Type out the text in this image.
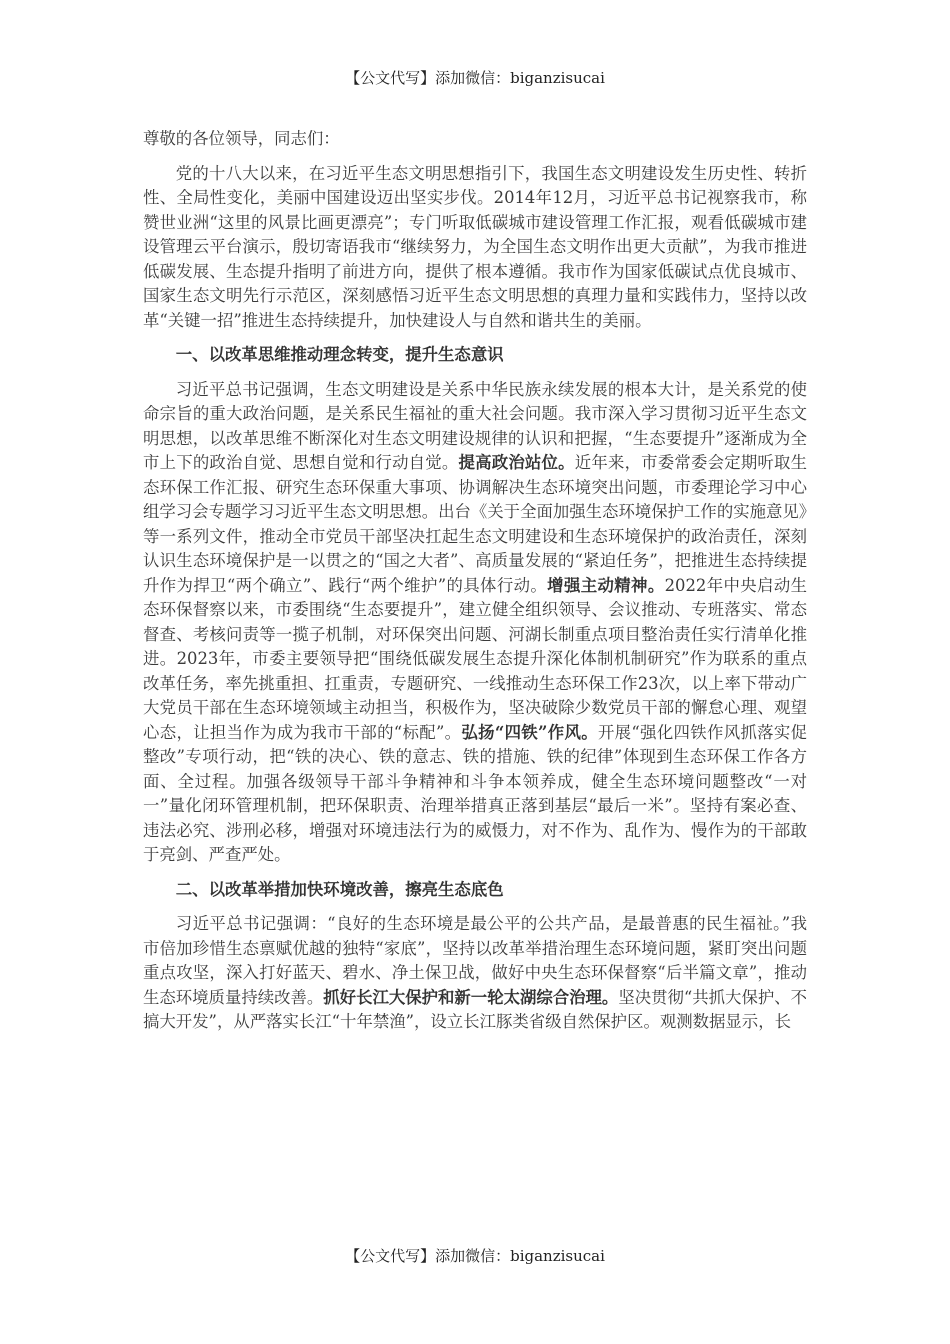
【公文代写】添加微信：biganzisucai

尊敬的各位领导，同志们：

党的十八大以来，在习近平生态文明思想指引下，我国生态文明建设发生历史性、转折性、全局性变化，美丽中国建设迈出坚实步伐。2014年12月，习近平总书记视察我市，称赞世业洲“这里的风景比画更漂亮”；专门听取低碳城市建设管理工作汇报，观看低碳城市建设管理云平台演示，殷切寄语我市“继续努力，为全国生态文明作出更大贡献”，为我市推进低碳发展、生态提升指明了前进方向，提供了根本遵循。我市作为国家低碳试点优良城市、国家生态文明先行示范区，深刻感悟习近平生态文明思想的真理力量和实践伟力，坚持以改革“关键一招”推进生态持续提升，加快建设人与自然和谐共生的美丽。

一、以改革思维推动理念转变，提升生态意识

习近平总书记强调，生态文明建设是关系中华民族永续发展的根本大计，是关系党的使命宗旨的重大政治问题，是关系民生福祉的重大社会问题。我市深入学习贯彻习近平生态文明思想，以改革思维不断深化对生态文明建设规律的认识和把握，“生态要提升”逐渐成为全市上下的政治自觉、思想自觉和行动自觉。提高政治站位。近年来，市委常委会定期听取生态环保工作汇报、研究生态环保重大事项、协调解决生态环境突出问题，市委理论学习中心组学习会专题学习习近平生态文明思想。出台《关于全面加强生态环境保护工作的实施意见》等一系列文件，推动全市党员干部坚决扛起生态文明建设和生态环境保护的政治责任，深刻认识生态环境保护是一以贯之的“国之大者”、高质量发展的“紧迫任务”，把推进生态持续提升作为捍卫“两个确立”、践行“两个维护”的具体行动。增强主动精神。2022年中央启动生态环保督察以来，市委围绕“生态要提升”，建立健全组织领导、会议推动、专班落实、常态督查、考核问责等一揽子机制，对环保突出问题、河湖长制重点项目整治责任实行清单化推进。2023年，市委主要领导把“围绕低碳发展生态提升深化体制机制研究”作为联系的重点改革任务，率先挑重担、扛重责，专题研究、一线推动生态环保工作23次，以上率下带动广大党员干部在生态环境领域主动担当，积极作为，坚决破除少数党员干部的懈怠心理、观望心态，让担当作为成为我市干部的“标配”。弘扬“四铁”作风。开展“强化四铁作风抓落实促整改”专项行动，把“铁的决心、铁的意志、铁的措施、铁的纪律”体现到生态环保工作各方面、全过程。加强各级领导干部斗争精神和斗争本领养成，健全生态环境问题整改“一对一”量化闭环管理机制，把环保职责、治理举措真正落到基层“最后一米”。坚持有案必查、违法必究、涉刑必移，增强对环境违法行为的威慑力，对不作为、乱作为、慢作为的干部敢于亮剑、严查严处。

二、以改革举措加快环境改善，擦亮生态底色

习近平总书记强调：“良好的生态环境是最公平的公共产品，是最普惠的民生福祉。”我市倍加珍惜生态禀赋优越的独特“家底”，坚持以改革举措治理生态环境问题，紧盯突出问题重点攻坚，深入打好蓝天、碧水、净土保卫战，做好中央生态环保督察“后半篇文章”，推动生态环境质量持续改善。抓好长江大保护和新一轮太湖综合治理。坚决贯彻“共抓大保护、不搞大开发”，从严落实长江“十年禁渔”，设立长江豚类省级自然保护区。观测数据显示，长

【公文代写】添加微信：biganzisucai
